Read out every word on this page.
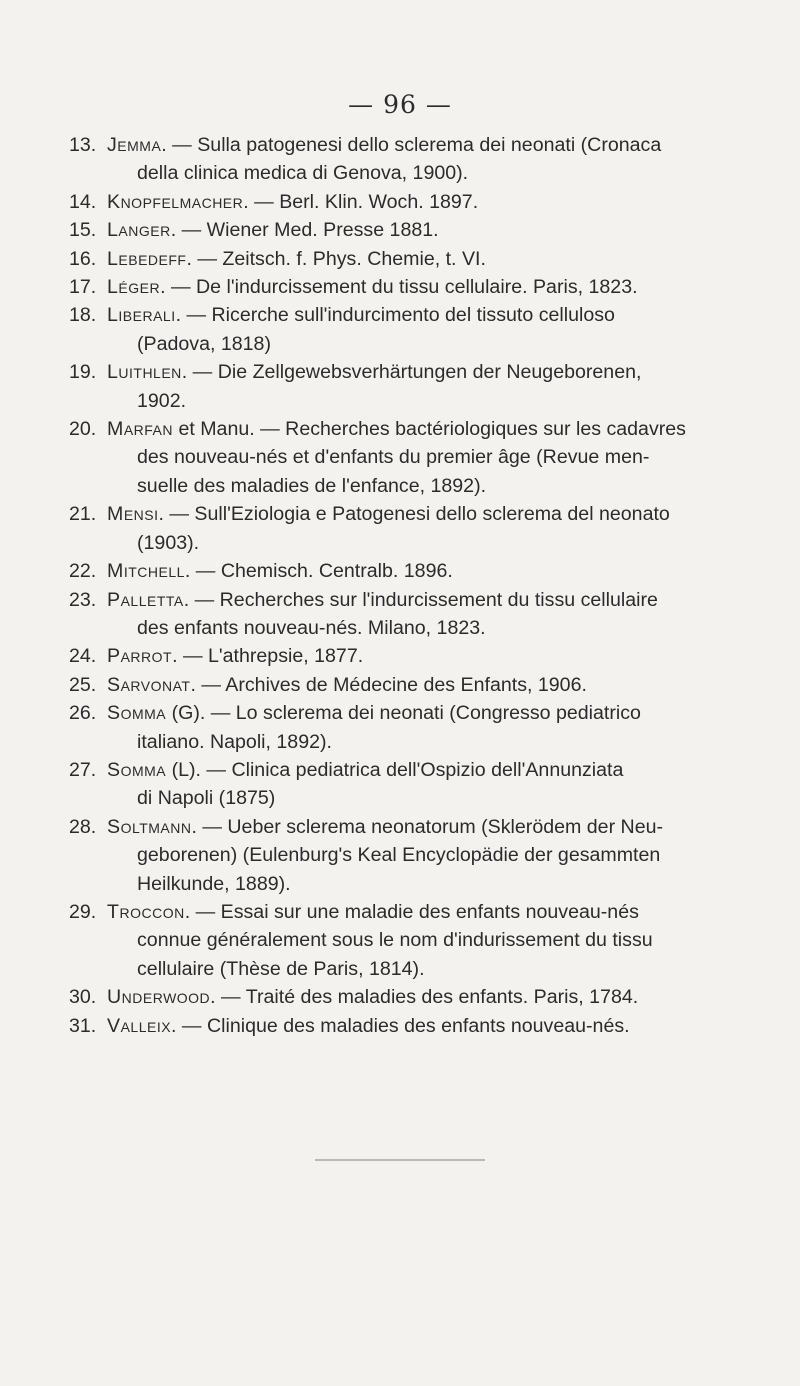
— 96 —
13. Jemma. — Sulla patogenesi dello sclerema dei neonati (Cronaca
della clinica medica di Genova, 1900).
14. Knopfelmacher. — Berl. Klin. Woch. 1897.
15. Langer. — Wiener Med. Presse 1881.
16. Lebedeff. — Zeitsch. f. Phys. Chemie, t. VI.
17. Léger. — De l'indurcissement du tissu cellulaire. Paris, 1823.
18. Liberali. — Ricerche sull'indurcimento del tissuto celluloso
(Padova, 1818)
19. Luithlen. — Die Zellgewebsverhärtungen der Neugeborenen,
1902.
20. Marfan et Manu. — Recherches bactériologiques sur les cadavres
des nouveau-nés et d'enfants du premier âge (Revue men-
suelle des maladies de l'enfance, 1892).
21. Mensi. — Sull'Eziologia e Patogenesi dello sclerema del neonato
(1903).
22. Mitchell. — Chemisch. Centralb. 1896.
23. Palletta. — Recherches sur l'indurcissement du tissu cellulaire
des enfants nouveau-nés. Milano, 1823.
24. Parrot. — L'athrepsie, 1877.
25. Sarvonat. — Archives de Médecine des Enfants, 1906.
26. Somma (G). — Lo sclerema dei neonati (Congresso pediatrico
italiano. Napoli, 1892).
27. Somma (L). — Clinica pediatrica dell'Ospizio dell'Annunziata
di Napoli (1875)
28. Soltmann. — Ueber sclerema neonatorum (Sklerödem der Neu-
geborenen) (Eulenburg's Keal Encyclopädie der gesammten
Heilkunde, 1889).
29. Troccon. — Essai sur une maladie des enfants nouveau-nés
connue généralement sous le nom d'indurissement du tissu
cellulaire (Thèse de Paris, 1814).
30. Underwood. — Traité des maladies des enfants. Paris, 1784.
31. Valleix. — Clinique des maladies des enfants nouveau-nés.
